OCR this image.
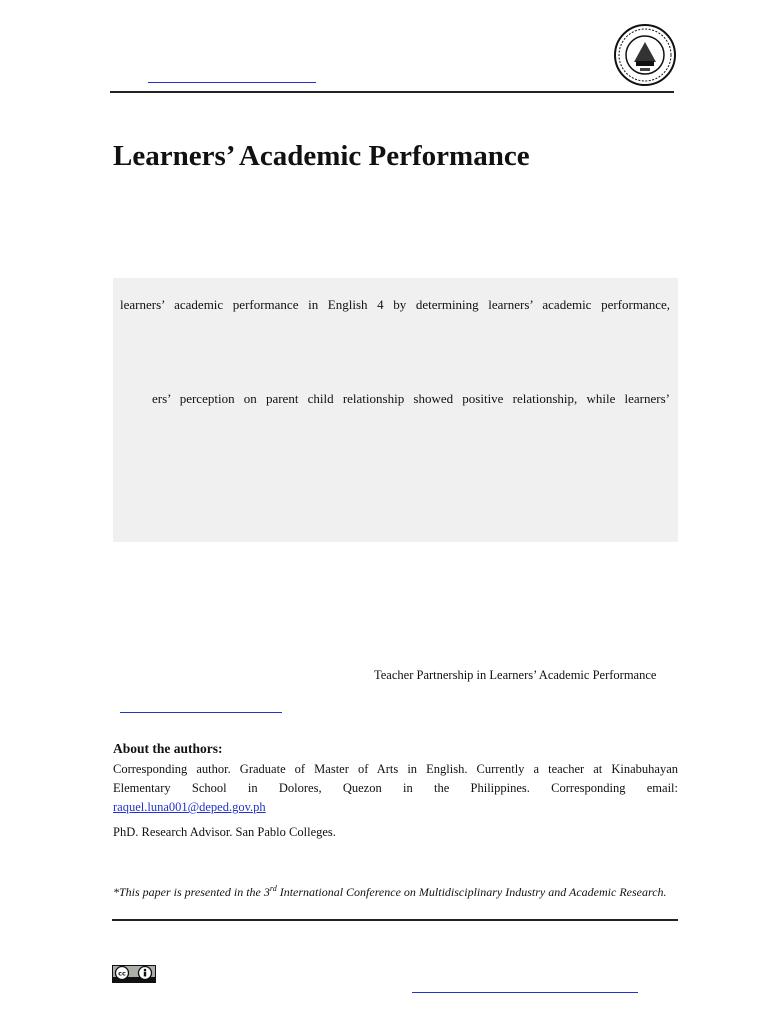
Learners’ Academic Performance
learners’ academic performance in English 4 by determining learners’ academic performance,
ers’ perception on parent child relationship showed positive relationship, while learners’
Teacher Partnership in Learners’ Academic Performance
About the authors:
Corresponding author. Graduate of Master of Arts in English. Currently a teacher at Kinabuhayan
Elementary School in Dolores, Quezon in the Philippines. Corresponding email:
raquel.luna001@deped.gov.ph
PhD. Research Advisor. San Pablo Colleges.
*This paper is presented in the 3rd International Conference on Multidisciplinary Industry and Academic Research.
cc
